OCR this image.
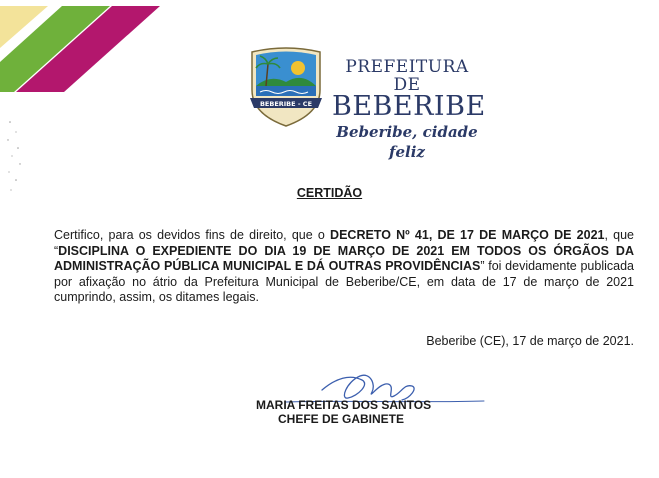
BEBERIBE - CE
PREFEITURA DE
BEBERIBE
Beberibe, cidade feliz
CERTIDÃO
Certifico, para os devidos fins de direito, que o DECRETO Nº 41, DE 17 DE MARÇO DE 2021, que “DISCIPLINA O EXPEDIENTE DO DIA 19 DE MARÇO DE 2021 EM TODOS OS ÓRGÃOS DA ADMINISTRAÇÃO PÚBLICA MUNICIPAL E DÁ OUTRAS PROVIDÊNCIAS” foi devidamente publicada por afixação no átrio da Prefeitura Municipal de Beberibe/CE, em data de 17 de março de 2021 cumprindo, assim, os ditames legais.
Beberibe (CE), 17 de março de 2021.
MARIA FREITAS DOS SANTOS
CHEFE DE GABINETE
